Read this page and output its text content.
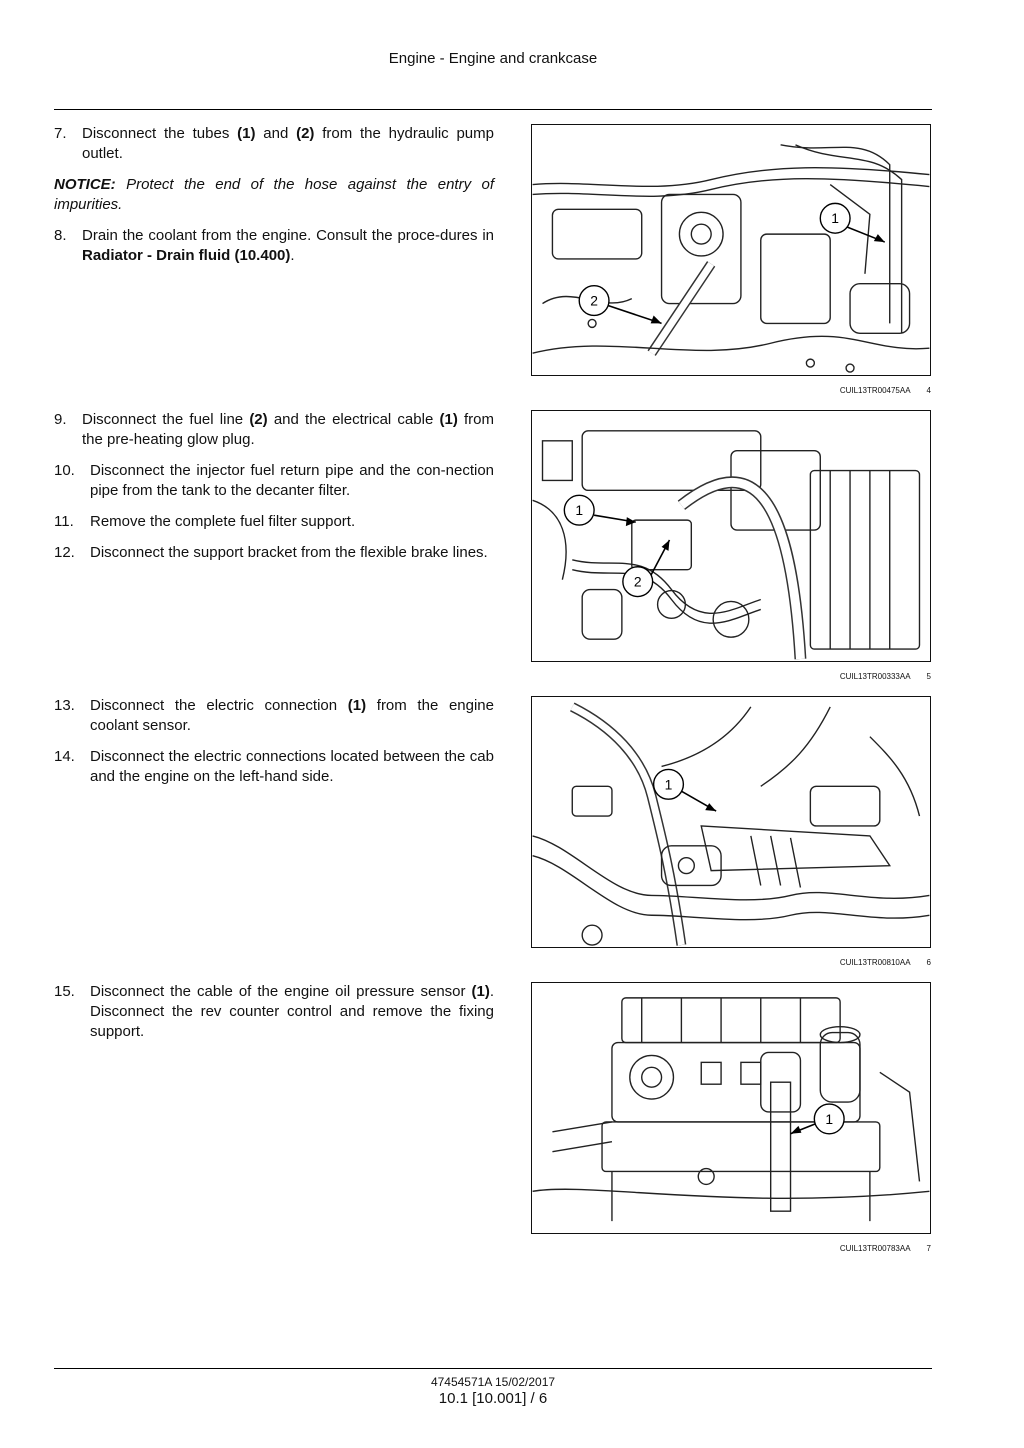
Engine - Engine and crankcase

7. Disconnect the tubes (1) and (2) from the hydraulic pump outlet.

NOTICE: Protect the end of the hose against the entry of impurities.

8. Drain the coolant from the engine. Consult the proce-dures in Radiator - Drain fluid (10.400).

1
2
CUIL13TR00475AA 4

9. Disconnect the fuel line (2) and the electrical cable (1) from the pre-heating glow plug.

10. Disconnect the injector fuel return pipe and the con-nection pipe from the tank to the decanter filter.

11. Remove the complete fuel filter support.

12. Disconnect the support bracket from the flexible brake lines.

1
2
CUIL13TR00333AA 5

13. Disconnect the electric connection (1) from the engine coolant sensor.

14. Disconnect the electric connections located between the cab and the engine on the left-hand side.	1
CUIL13TR00810AA 6

15. Disconnect the cable of the engine oil pressure sensor (1). Disconnect the rev counter control and remove the fixing support.

1
CUIL13TR00783AA 7
47454571A 15/02/2017
10.1 [10.001] / 6
